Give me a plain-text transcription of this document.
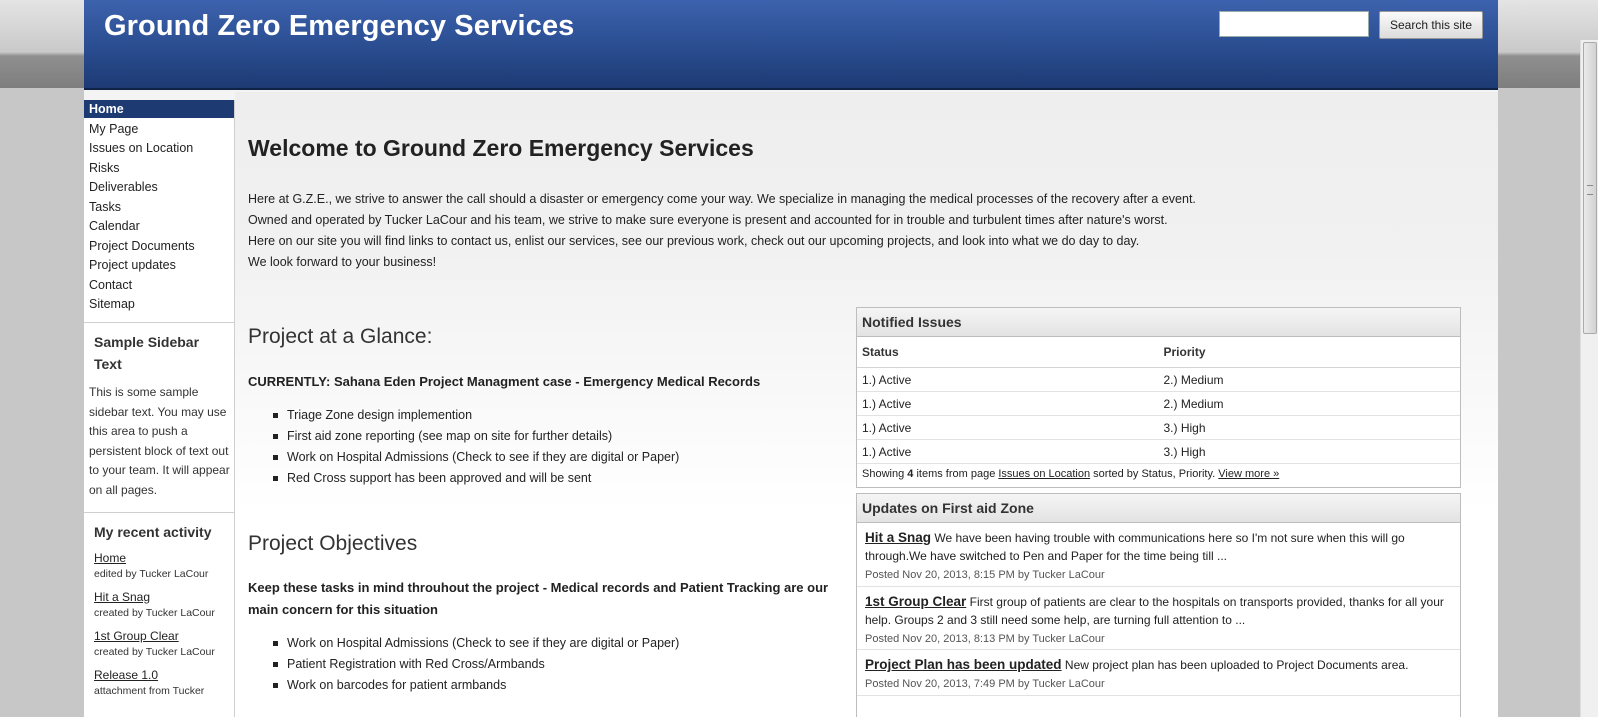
Ground Zero Emergency Services	Search this site
Home
My Page
Issues on Location
Risks
Deliverables
Tasks
Calendar
Project Documents
Project updates
Contact
Sitemap
Sample Sidebar
Text
This is some sample sidebar text. You may use this area to push a persistent block of text out to your team. It will appear on all pages.
My recent activity
Home
edited by Tucker LaCour
Hit a Snag
created by Tucker LaCour
1st Group Clear
created by Tucker LaCour
Release 1.0
attachment from Tucker
Welcome to Ground Zero Emergency Services

Here at G.Z.E., we strive to answer the call should a disaster or emergency come your way. We specialize in managing the medical processes of the recovery after a event.

Owned and operated by Tucker LaCour and his team, we strive to make sure everyone is present and accounted for in trouble and turbulent times after nature's worst.

Here on our site you will find links to contact us, enlist our services, see our previous work, check out our upcoming projects, and look into what we do day to day.

We look forward to your business!

Project at a Glance:
CURRENTLY: Sahana Eden Project Managment case - Emergency Medical Records
Triage Zone design implemention
First aid zone reporting (see map on site for further details)
Work on Hospital Admissions (Check to see if they are digital or Paper)
Red Cross support has been approved and will be sent
Project Objectives
Keep these tasks in mind throuhout the project - Medical records and Patient Tracking are our main concern for this situation
Work on Hospital Admissions (Check to see if they are digital or Paper)
Patient Registration with Red Cross/Armbands
Work on barcodes for patient armbands
Notified Issues
Status	Priority
1.) Active	2.) Medium
1.) Active	2.) Medium
1.) Active	3.) High
1.) Active	3.) High
Showing 4 items from page Issues on Location sorted by Status, Priority. View more »
Updates on First aid Zone
Hit a Snag We have been having trouble with communications here so I'm not sure when this will go through.We have switched to Pen and Paper for the time being till ...
Posted Nov 20, 2013, 8:15 PM by Tucker LaCour
1st Group Clear First group of patients are clear to the hospitals on transports provided, thanks for all your help. Groups 2 and 3 still need some help, are turning full attention to ...
Posted Nov 20, 2013, 8:13 PM by Tucker LaCour
Project Plan has been updated New project plan has been uploaded to Project Documents area.
Posted Nov 20, 2013, 7:49 PM by Tucker LaCour
